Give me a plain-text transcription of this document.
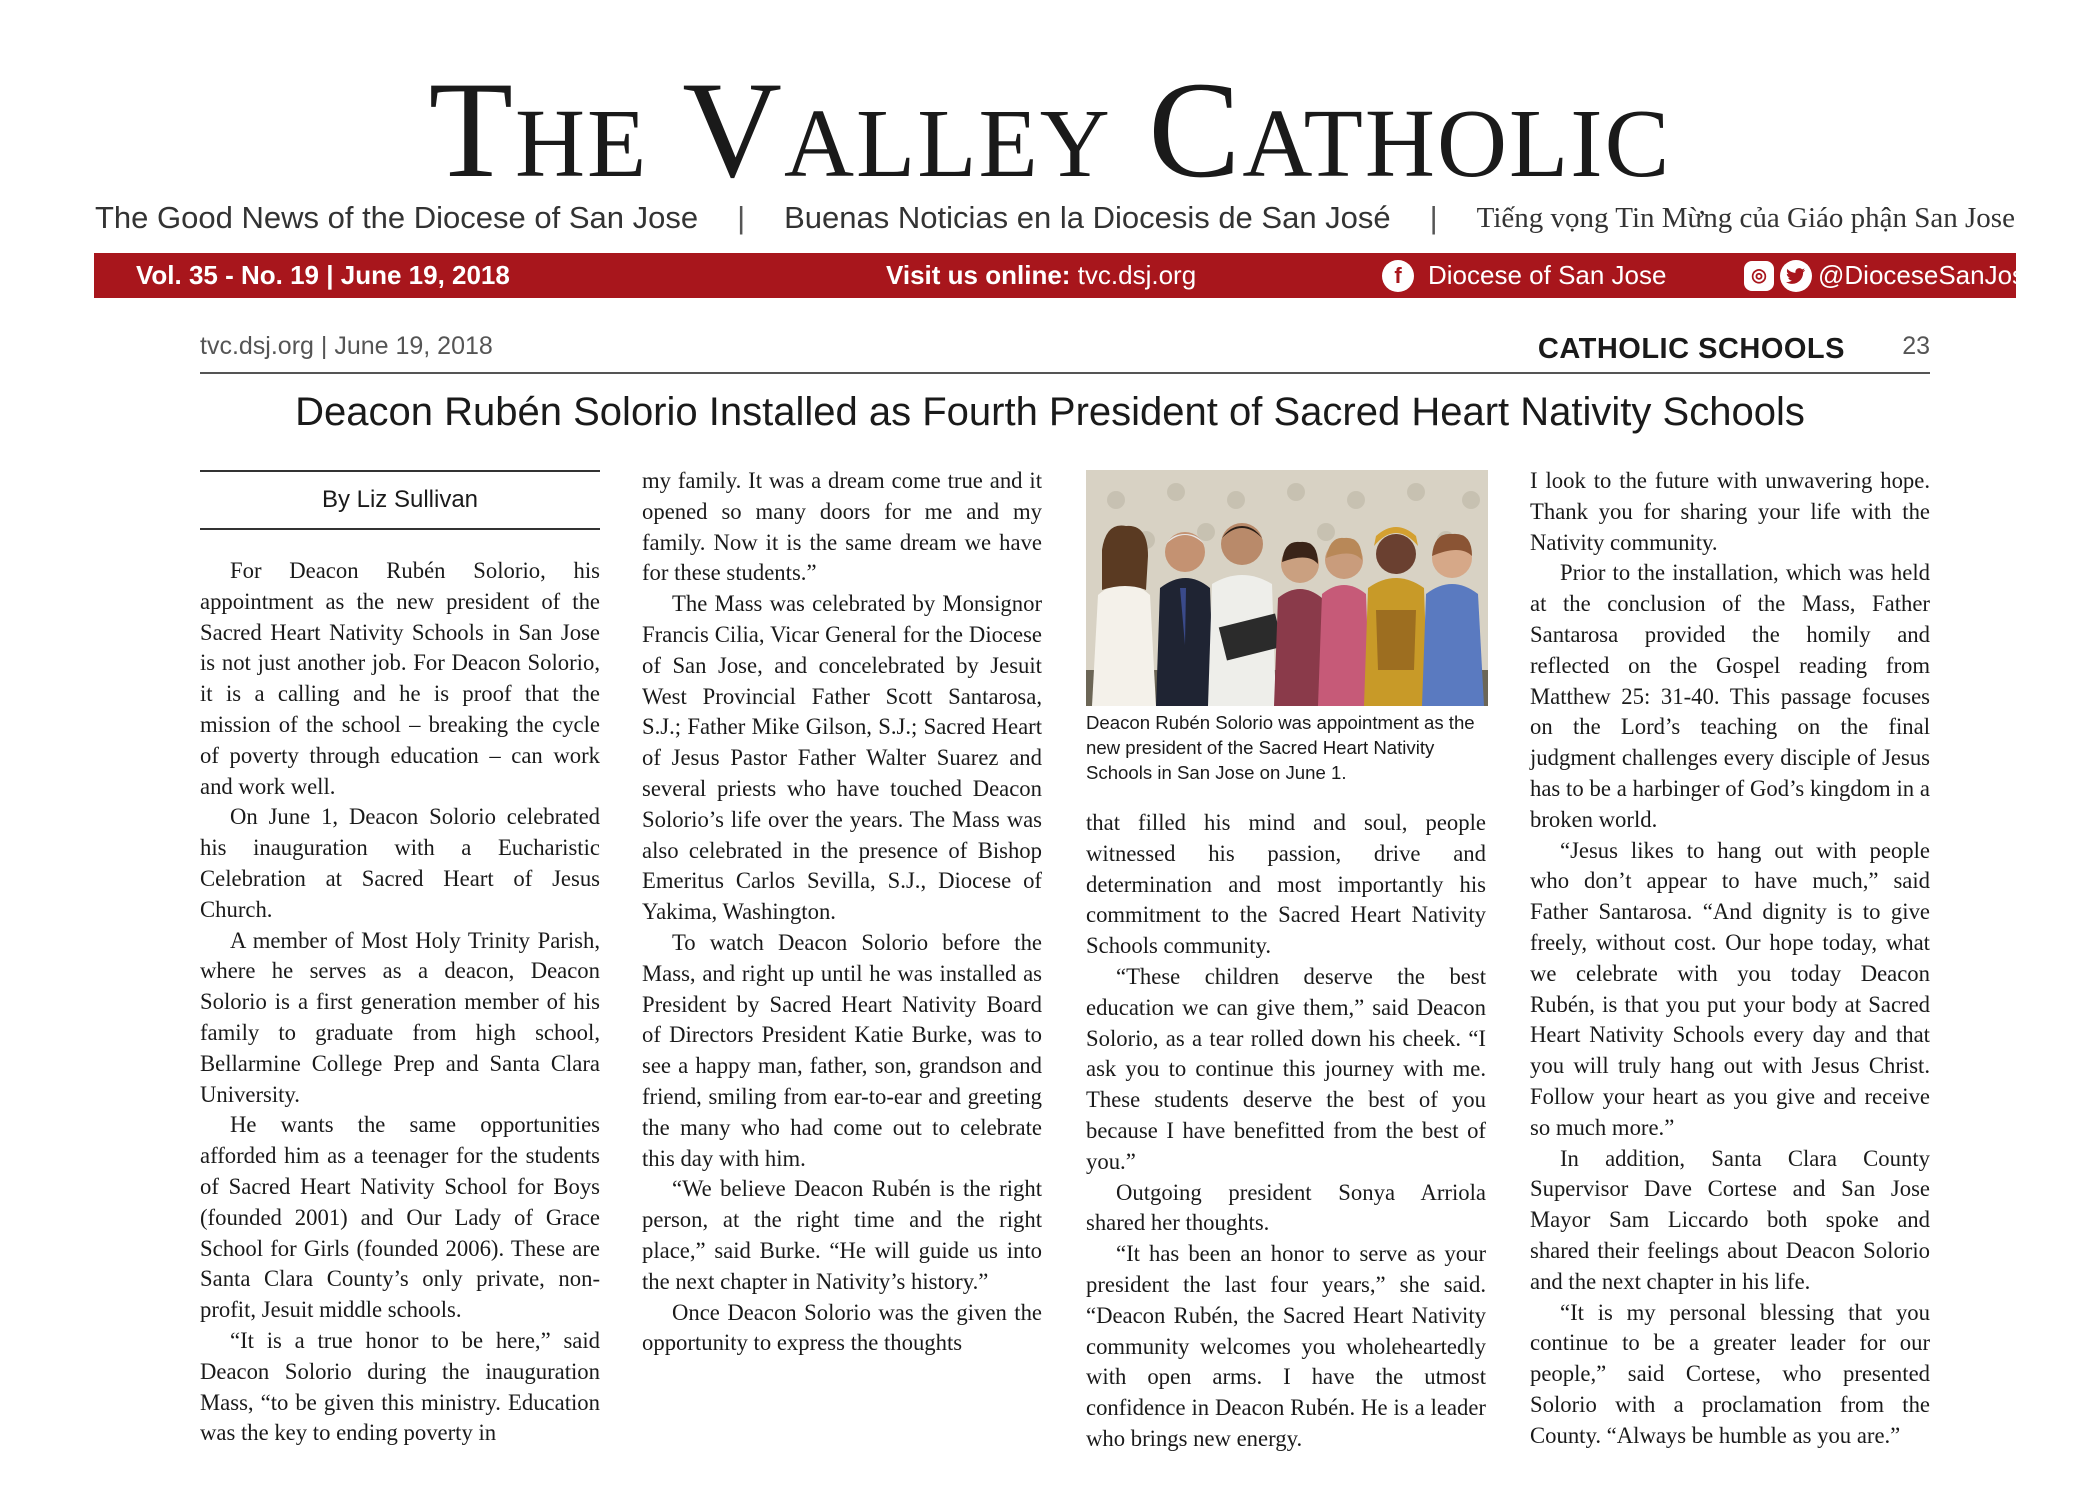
The Valley Catholic
The Good News of the Diocese of San Jose | Buenas Noticias en la Diocesis de San José | Tiếng vọng Tin Mừng của Giáo phận San Jose
Vol. 35 - No. 19 | June 19, 2018	Visit us online: tvc.dsj.org	f	Diocese of San Jose	◎ @DioceseSanJose
tvc.dsj.org | June 19, 2018	CATHOLIC SCHOOLS 23
Deacon Rubén Solorio Installed as Fourth President of Sacred Heart Nativity Schools
By Liz Sullivan

For Deacon Rubén Solorio, his appointment as the new president of the Sacred Heart Nativity Schools in San Jose is not just another job. For Deacon Solorio, it is a calling and he is proof that the mission of the school – breaking the cycle of poverty through education – can work and work well.

On June 1, Deacon Solorio celebrated his inauguration with a Eucharistic Celebration at Sacred Heart of Jesus Church.

A member of Most Holy Trinity Parish, where he serves as a deacon, Deacon Solorio is a first generation member of his family to graduate from high school, Bellarmine College Prep and Santa Clara University.

He wants the same opportunities afforded him as a teenager for the students of Sacred Heart Nativity School for Boys (founded 2001) and Our Lady of Grace School for Girls (founded 2006). These are Santa Clara County’s only private, non-profit, Jesuit middle schools.

“It is a true honor to be here,” said Deacon Solorio during the inauguration Mass, “to be given this ministry. Education was the key to ending poverty in

my family. It was a dream come true and it opened so many doors for me and my family. Now it is the same dream we have for these students.”

The Mass was celebrated by Monsignor Francis Cilia, Vicar General for the Diocese of San Jose, and concelebrated by Jesuit West Provincial Father Scott Santarosa, S.J.; Father Mike Gilson, S.J.; Sacred Heart of Jesus Pastor Father Walter Suarez and several priests who have touched Deacon Solorio’s life over the years. The Mass was also celebrated in the presence of Bishop Emeritus Carlos Sevilla, S.J., Diocese of Yakima, Washington.

To watch Deacon Solorio before the Mass, and right up until he was installed as President by Sacred Heart Nativity Board of Directors President Katie Burke, was to see a happy man, father, son, grandson and friend, smiling from ear-to-ear and greeting the many who had come out to celebrate this day with him.

“We believe Deacon Rubén is the right person, at the right time and the right place,” said Burke. “He will guide us into the next chapter in Nativity’s history.”

Once Deacon Solorio was the given the opportunity to express the thoughts

Deacon Rubén Solorio was appointment as the new president of the Sacred Heart Nativity Schools in San Jose on June 1.

that filled his mind and soul, people witnessed his passion, drive and determination and most importantly his commitment to the Sacred Heart Nativity Schools community.

“These children deserve the best education we can give them,” said Deacon Solorio, as a tear rolled down his cheek. “I ask you to continue this journey with me. These students deserve the best of you because I have benefitted from the best of you.”

Outgoing president Sonya Arriola shared her thoughts.

“It has been an honor to serve as your president the last four years,” she said. “Deacon Rubén, the Sacred Heart Nativity community welcomes you wholeheartedly with open arms. I have the utmost confidence in Deacon Rubén. He is a leader who brings new energy.

I look to the future with unwavering hope. Thank you for sharing your life with the Nativity community.

Prior to the installation, which was held at the conclusion of the Mass, Father Santarosa provided the homily and reflected on the Gospel reading from Matthew 25: 31-40. This passage focuses on the Lord’s teaching on the final judgment challenges every disciple of Jesus has to be a harbinger of God’s kingdom in a broken world.

“Jesus likes to hang out with people who don’t appear to have much,” said Father Santarosa. “And dignity is to give freely, without cost. Our hope today, what we celebrate with you today Deacon Rubén, is that you put your body at Sacred Heart Nativity Schools every day and that you will truly hang out with Jesus Christ. Follow your heart as you give and receive so much more.”

In addition, Santa Clara County Supervisor Dave Cortese and San Jose Mayor Sam Liccardo both spoke and shared their feelings about Deacon Solorio and the next chapter in his life.

“It is my personal blessing that you continue to be a greater leader for our people,” said Cortese, who presented Solorio with a proclamation from the County. “Always be humble as you are.”
